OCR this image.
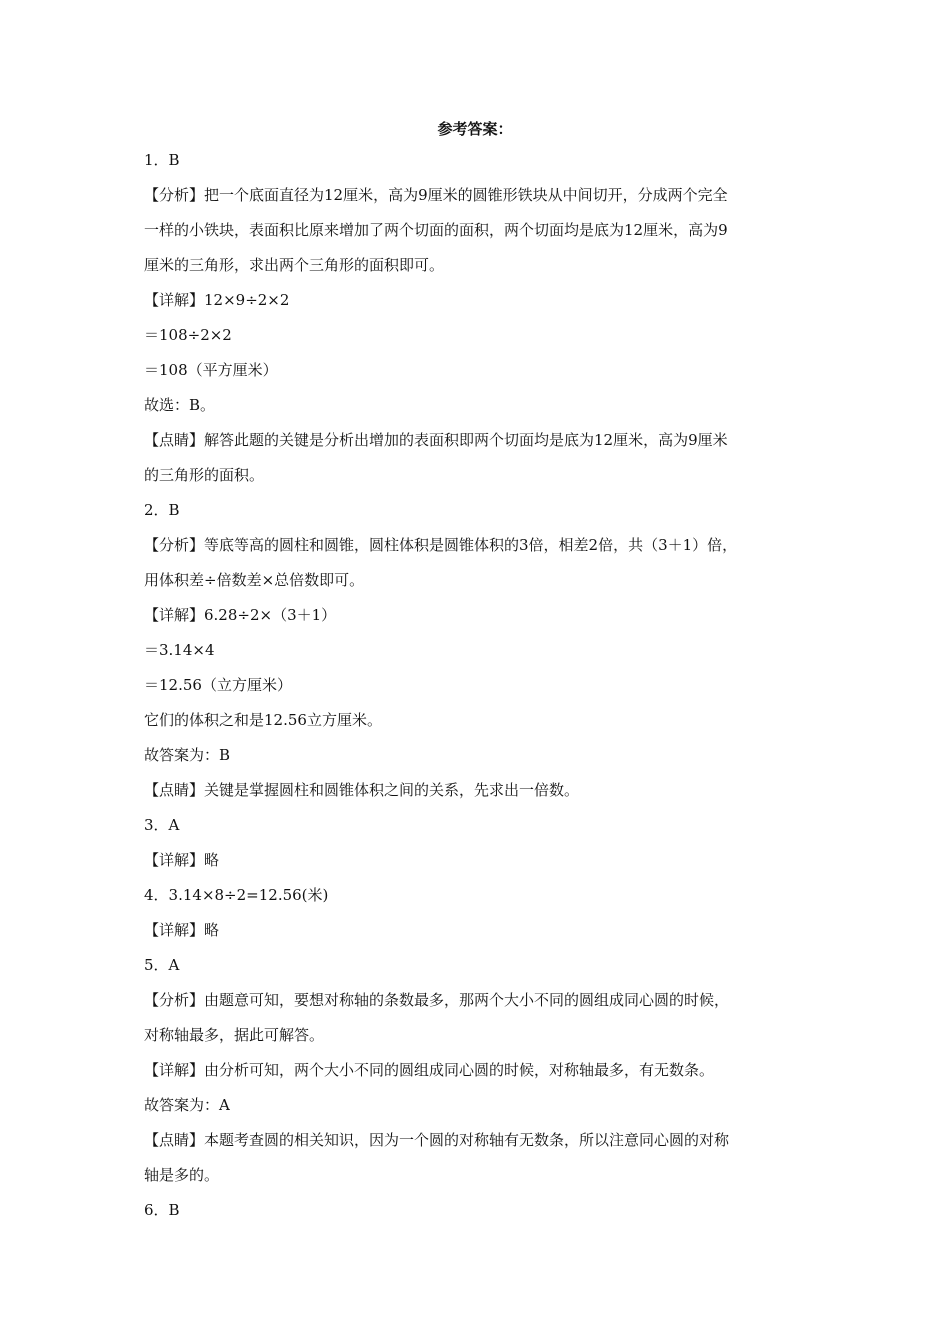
参考答案：
1．B
【分析】把一个底面直径为12厘米，高为9厘米的圆锥形铁块从中间切开，分成两个完全
一样的小铁块，表面积比原来增加了两个切面的面积，两个切面均是底为12厘米，高为9
厘米的三角形，求出两个三角形的面积即可。
【详解】12×9÷2×2
＝108÷2×2
＝108（平方厘米）
故选：B。
【点睛】解答此题的关键是分析出增加的表面积即两个切面均是底为12厘米，高为9厘米
的三角形的面积。
2．B
【分析】等底等高的圆柱和圆锥，圆柱体积是圆锥体积的3倍，相差2倍，共（3＋1）倍，
用体积差÷倍数差×总倍数即可。
【详解】6.28÷2×（3＋1）
＝3.14×4
＝12.56（立方厘米）
它们的体积之和是12.56立方厘米。
故答案为：B
【点睛】关键是掌握圆柱和圆锥体积之间的关系，先求出一倍数。
3．A
【详解】略
4．3.14×8÷2=12.56(米)
【详解】略
5．A
【分析】由题意可知，要想对称轴的条数最多，那两个大小不同的圆组成同心圆的时候，
对称轴最多，据此可解答。
【详解】由分析可知，两个大小不同的圆组成同心圆的时候，对称轴最多，有无数条。
故答案为：A
【点睛】本题考查圆的相关知识，因为一个圆的对称轴有无数条，所以注意同心圆的对称
轴是多的。
6．B
